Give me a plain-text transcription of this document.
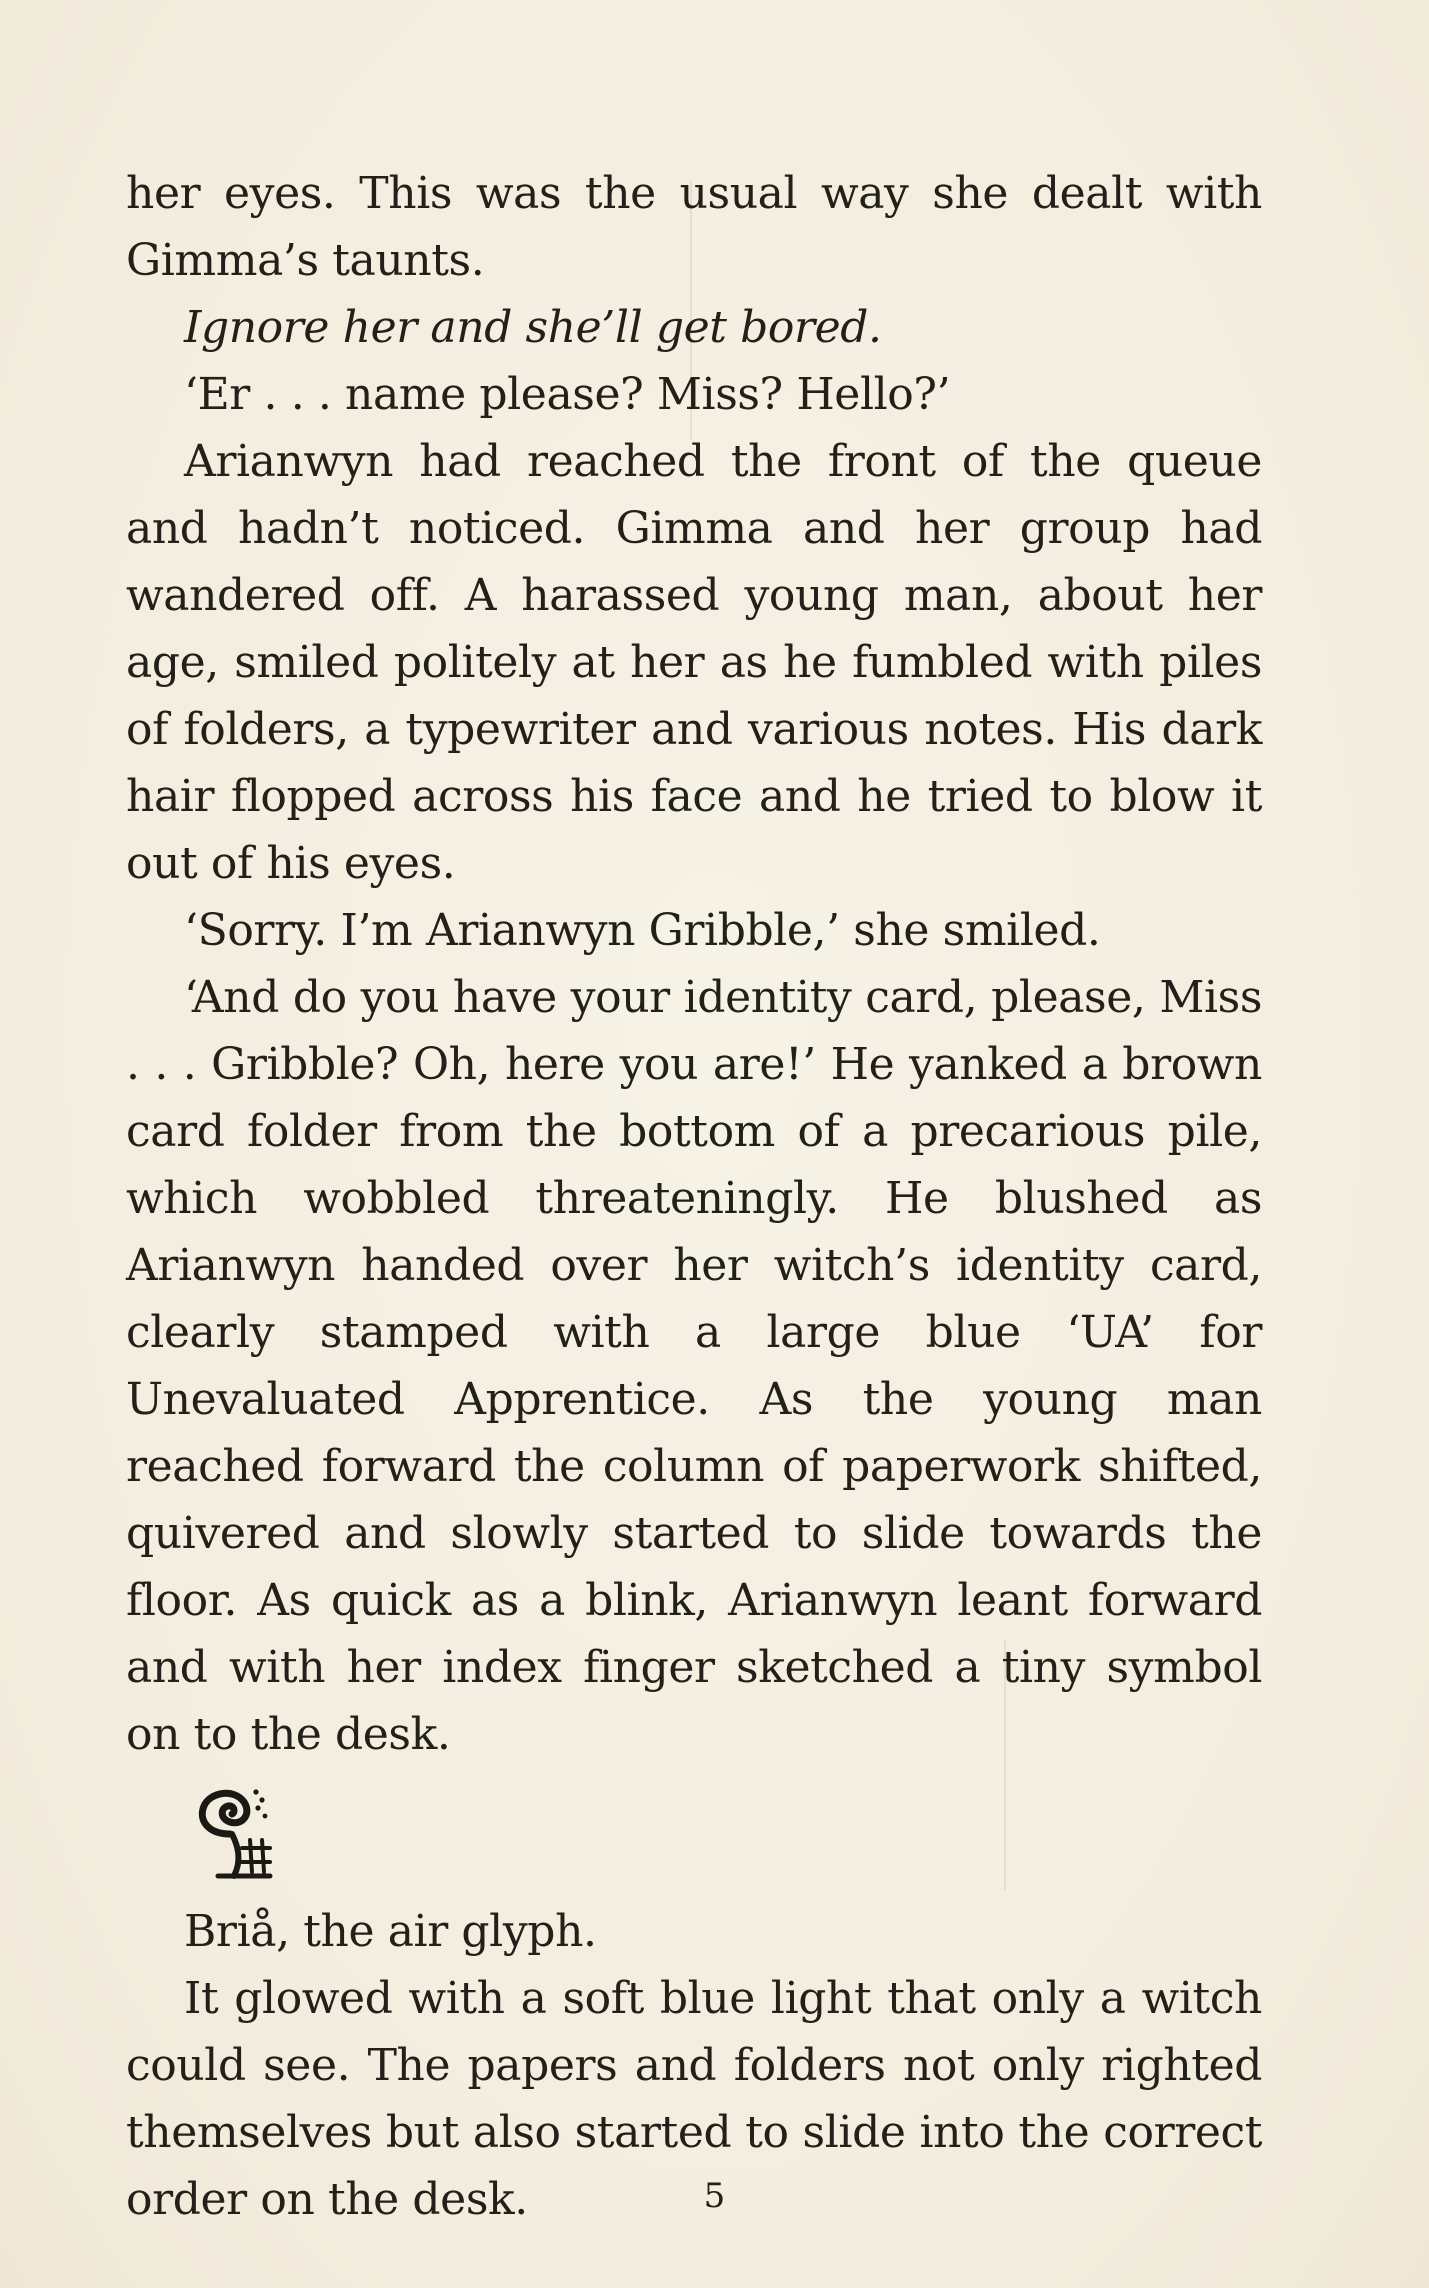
her eyes. This was the usual way she dealt with Gimma’s taunts.

Ignore her and she’ll get bored.

‘Er . . . name please? Miss? Hello?’

Arianwyn had reached the front of the queue and hadn’t noticed. Gimma and her group had wandered off. A harassed young man, about her age, smiled politely at her as he fumbled with piles of folders, a typewriter and various notes. His dark hair flopped across his face and he tried to blow it out of his eyes.

‘Sorry. I’m Arianwyn Gribble,’ she smiled.

‘And do you have your identity card, please, Miss . . . Gribble? Oh, here you are!’ He yanked a brown card folder from the bottom of a precarious pile, which wobbled threateningly. He blushed as Arianwyn handed over her witch’s identity card, clearly stamped with a large blue ‘UA’ for Unevaluated Apprentice. As the young man reached forward the column of paperwork shifted, quivered and slowly started to slide towards the floor. As quick as a blink, Arianwyn leant forward and with her index finger sketched a tiny symbol on to the desk.

Briå, the air glyph.

It glowed with a soft blue light that only a witch could see. The papers and folders not only righted themselves but also started to slide into the correct order on the desk.	5
